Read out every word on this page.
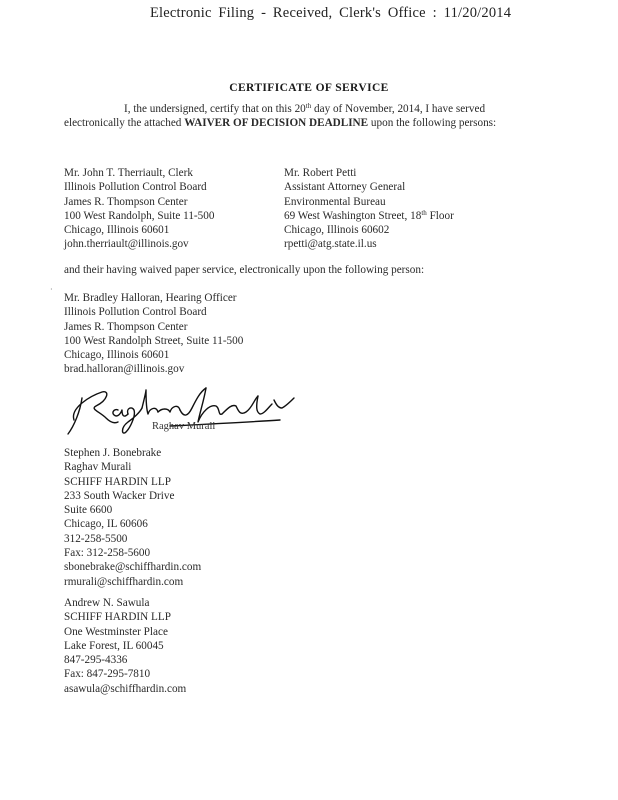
Electronic Filing - Received, Clerk's Office : 11/20/2014
CERTIFICATE OF SERVICE
I, the undersigned, certify that on this 20th day of November, 2014, I have served electronically the attached WAIVER OF DECISION DEADLINE upon the following persons:
Mr. John T. Therriault, Clerk
Illinois Pollution Control Board
James R. Thompson Center
100 West Randolph, Suite 11-500
Chicago, Illinois 60601
john.therriault@illinois.gov
Mr. Robert Petti
Assistant Attorney General
Environmental Bureau
69 West Washington Street, 18th Floor
Chicago, Illinois 60602
rpetti@atg.state.il.us
and their having waived paper service, electronically upon the following person:
·
Mr. Bradley Halloran, Hearing Officer
Illinois Pollution Control Board
James R. Thompson Center
100 West Randolph Street, Suite 11-500
Chicago, Illinois 60601
brad.halloran@illinois.gov
Raghav Murali
Stephen J. Bonebrake
Raghav Murali
SCHIFF HARDIN LLP
233 South Wacker Drive
Suite 6600
Chicago, IL 60606
312-258-5500
Fax: 312-258-5600
sbonebrake@schiffhardin.com
rmurali@schiffhardin.com
Andrew N. Sawula
SCHIFF HARDIN LLP
One Westminster Place
Lake Forest, IL 60045
847-295-4336
Fax: 847-295-7810
asawula@schiffhardin.com
